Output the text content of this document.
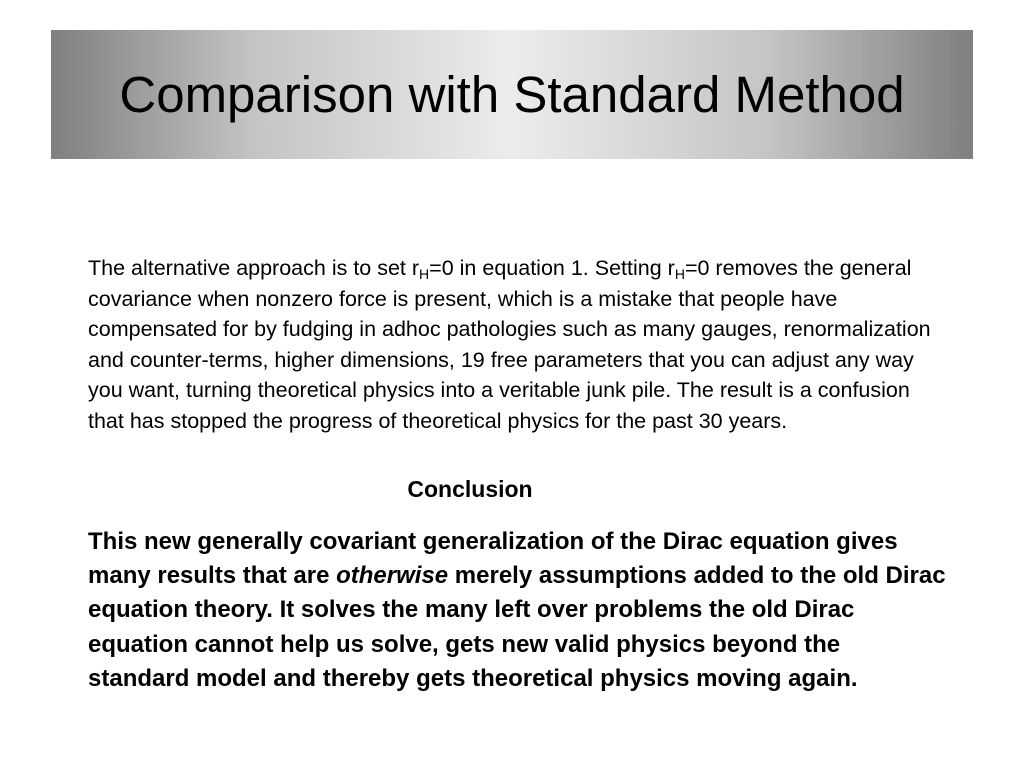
Comparison with Standard Method

The alternative approach is to set $r_H=0$ in equation 1. Setting $r_H=0$ removes the general covariance when nonzero force is present, which is a mistake that people have compensated for by fudging in adhoc pathologies such as many gauges, renormalization and counter-terms, higher dimensions, 19 free parameters that you can adjust any way you want, turning theoretical physics into a veritable junk pile. The result is a confusion that has stopped the progress of theoretical physics for the past 30 years.

Conclusion

This new generally covariant generalization of the Dirac equation gives many results that are otherwise merely assumptions added to the old Dirac equation theory. It solves the many left over problems the old Dirac equation cannot help us solve, gets new valid physics beyond the standard model and thereby gets theoretical physics moving again.
